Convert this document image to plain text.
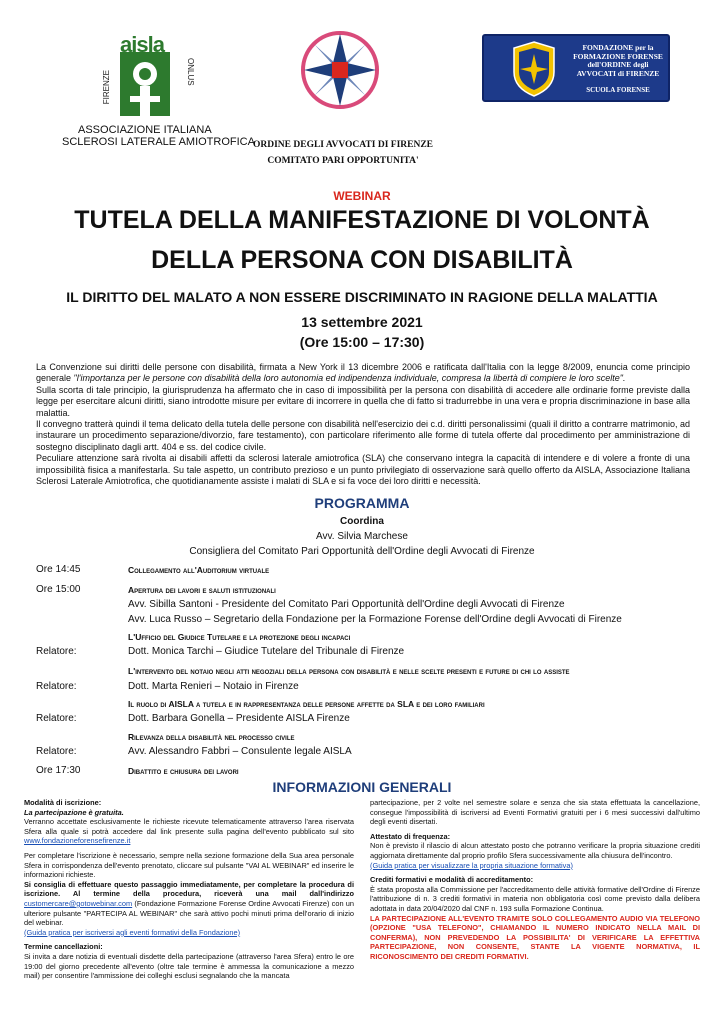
aisla
FIRENZE	ONLUS
ASSOCIAZIONE ITALIANA
SCLEROSI LATERALE AMIOTROFICA
ORDINE DEGLI AVVOCATI DI FIRENZE
COMITATO PARI OPPORTUNITA'
FONDAZIONE per la
FORMAZIONE FORENSE
dell'ORDINE degli
AVVOCATI di FIRENZE
SCUOLA FORENSE
WEBINAR
TUTELA DELLA MANIFESTAZIONE DI VOLONTÀ
DELLA PERSONA CON DISABILITÀ
IL DIRITTO DEL MALATO A NON ESSERE DISCRIMINATO IN RAGIONE DELLA MALATTIA
13 settembre 2021
(Ore 15:00 – 17:30)

La Convenzione sui diritti delle persone con disabilità, firmata a New York il 13 dicembre 2006 e ratificata dall'Italia con la legge 8/2009, enuncia come principio generale "l'importanza per le persone con disabilità della loro autonomia ed indipendenza individuale, compresa la libertà di compiere le loro scelte".

Sulla scorta di tale principio, la giurisprudenza ha affermato che in caso di impossibilità per la persona con disabilità di accedere alle ordinarie forme previste dalla legge per esercitare alcuni diritti, siano introdotte misure per evitare di incorrere in quella che di fatto si tradurrebbe in una vera e propria discriminazione in base alla malattia.

Il convegno tratterà quindi il tema delicato della tutela delle persone con disabilità nell'esercizio dei c.d. diritti personalissimi (quali il diritto a contrarre matrimonio, ad instaurare un procedimento separazione/divorzio, fare testamento), con particolare riferimento alle forme di tutela offerte dal procedimento per amministrazione di sostegno disciplinato dagli artt. 404 e ss. del codice civile.

Peculiare attenzione sarà rivolta ai disabili affetti da sclerosi laterale amiotrofica (SLA) che conservano integra la capacità di intendere e di volere a fronte di una impossibilità fisica a manifestarla. Su tale aspetto, un contributo prezioso e un punto privilegiato di osservazione sarà quello offerto da AISLA, Associazione Italiana Sclerosi Laterale Amiotrofica, che quotidianamente assiste i malati di SLA e si fa voce dei loro diritti e necessità.

PROGRAMMA
Coordina
Avv. Silvia Marchese
Consigliera del Comitato Pari Opportunità dell'Ordine degli Avvocati di Firenze
Ore 14:45	Collegamento all'Auditorium virtuale
Ore 15:00	Apertura dei lavori e saluti istituzionali
Avv. Sibilla Santoni - Presidente del Comitato Pari Opportunità dell'Ordine degli Avvocati di Firenze
Avv. Luca Russo – Segretario della Fondazione per la Formazione Forense dell'Ordine degli Avvocati di Firenze
L'Ufficio del Giudice Tutelare e la protezione degli incapaci
Relatore:	Dott. Monica Tarchi – Giudice Tutelare del Tribunale di Firenze
L'intervento del notaio negli atti negoziali della persona con disabilità e nelle scelte presenti e future di chi lo assiste
Relatore:	Dott. Marta Renieri – Notaio in Firenze
Il ruolo di AISLA a tutela e in rappresentanza delle persone affette da SLA e dei loro familiari
Relatore:	Dott. Barbara Gonella – Presidente AISLA Firenze
Rilevanza della disabilità nel processo civile
Relatore:	Avv. Alessandro Fabbri – Consulente legale AISLA
Ore 17:30	Dibattito e chiusura dei lavori
INFORMAZIONI GENERALI
Modalità di iscrizione:
La partecipazione è gratuita.
Verranno accettate esclusivamente le richieste ricevute telematicamente attraverso l'area riservata Sfera alla quale si potrà accedere dal link presente sulla pagina dell'evento pubblicato sul sito www.fondazioneforensefirenze.it
Per completare l'iscrizione è necessario, sempre nella sezione formazione della Sua area personale Sfera in corrispondenza dell'evento prenotato, cliccare sul pulsante "VAI AL WEBINAR" ed inserire le informazioni richieste.
Si consiglia di effettuare questo passaggio immediatamente, per completare la procedura di iscrizione. Al termine della procedura, riceverà una mail dall'indirizzo customercare@gotowebinar.com (Fondazione Formazione Forense Ordine Avvocati Firenze) con un ulteriore pulsante "PARTECIPA AL WEBINAR" che sarà attivo pochi minuti prima dell'orario di inizio del webinar.
(Guida pratica per iscriversi agli eventi formativi della Fondazione)
Termine cancellazioni:
Si invita a dare notizia di eventuali disdette della partecipazione (attraverso l'area Sfera) entro le ore 19:00 del giorno precedente all'evento (oltre tale termine è ammessa la comunicazione a mezzo mail) per consentire l'ammissione dei colleghi esclusi segnalando che la mancata
partecipazione, per 2 volte nel semestre solare e senza che sia stata effettuata la cancellazione, consegue l'impossibilità di iscriversi ad Eventi Formativi gratuiti per i 6 mesi successivi dall'ultimo degli eventi disertati.
Attestato di frequenza:
Non è previsto il rilascio di alcun attestato posto che potranno verificare la propria situazione crediti aggiornata direttamente dal proprio profilo Sfera successivamente alla chiusura dell'incontro.
(Guida pratica per visualizzare la propria situazione formativa)
Crediti formativi e modalità di accreditamento:
È stata proposta alla Commissione per l'accreditamento delle attività formative dell'Ordine di Firenze l'attribuzione di n. 3 crediti formativi in materia non obbligatoria così come previsto dalla delibera adottata in data 20/04/2020 dal CNF n. 193 sulla Formazione Continua.
LA PARTECIPAZIONE ALL'EVENTO TRAMITE SOLO COLLEGAMENTO AUDIO VIA TELEFONO (OPZIONE "USA TELEFONO", CHIAMANDO IL NUMERO INDICATO NELLA MAIL DI CONFERMA), NON PREVEDENDO LA POSSIBILITA' DI VERIFICARE LA EFFETTIVA PARTECIPAZIONE, NON CONSENTE, STANTE LA VIGENTE NORMATIVA, IL RICONOSCIMENTO DEI CREDITI FORMATIVI.
